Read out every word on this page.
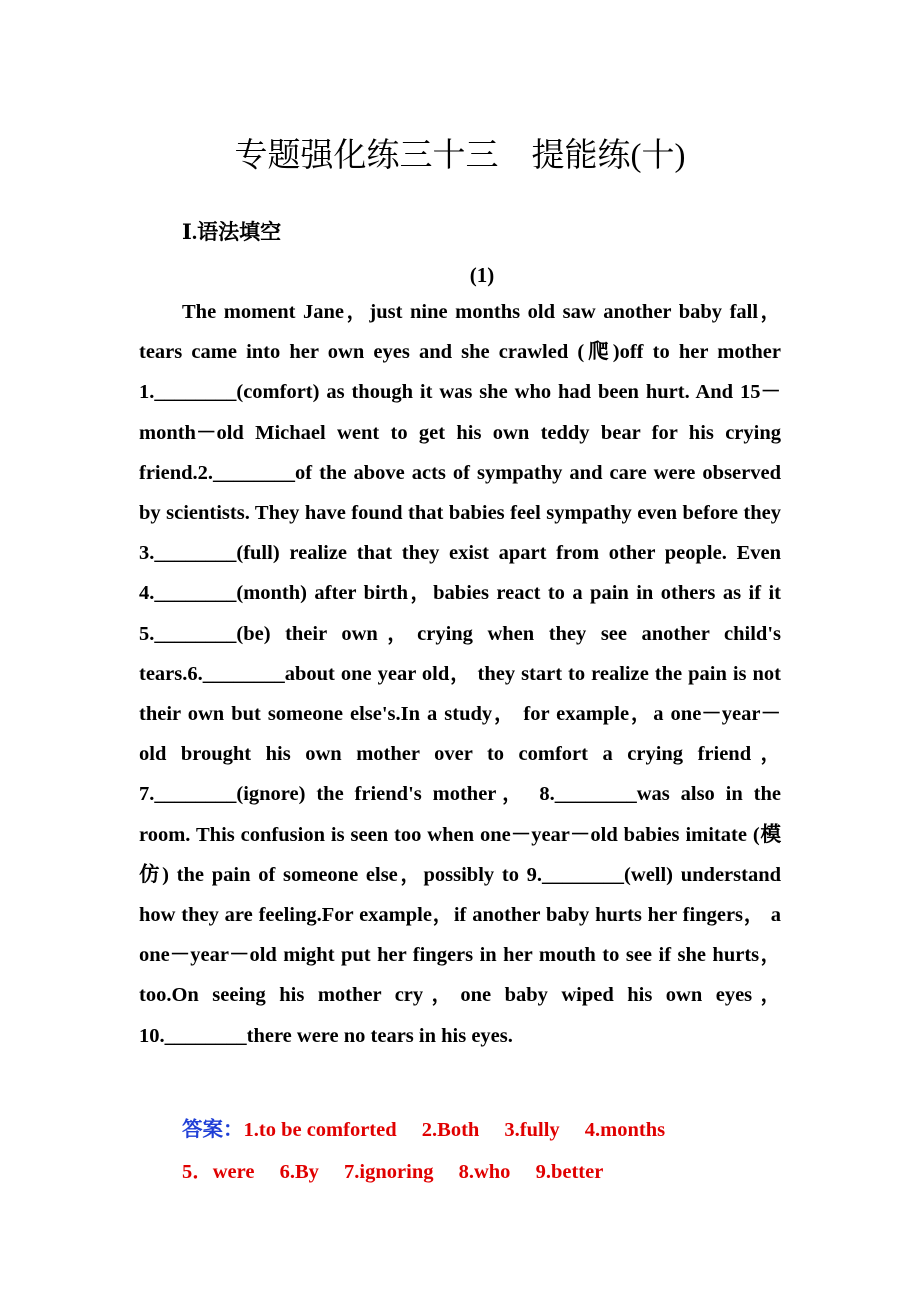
专题强化练三十三　提能练(十)
Ⅰ.语法填空
(1)

The moment Jane，just nine months old saw another baby fall，tears came into her own eyes and she crawled (爬)off to her mother 1.________(comfort) as though it was she who had been hurt. And 15－month－old Michael went to get his own teddy bear for his crying friend.2.________of the above acts of sympathy and care were observed by scientists. They have found that babies feel sympathy even before they 3.________(full) realize that they exist apart from other people. Even 4.________(month) after birth，babies react to a pain in others as if it 5.________(be) their own，crying when they see another child's tears.6.________about one year old， they start to realize the pain is not their own but someone else's.In a study， for example，a one－year－old brought his own mother over to comfort a crying friend， 7.________(ignore) the friend's mother， 8.________was also in the room. This confusion is seen too when one－year－old babies imitate (模仿) the pain of someone else，possibly to 9.________(well) understand how they are feeling.For example，if another baby hurts her fingers， a one－year－old might put her fingers in her mouth to see if she hurts，too.On seeing his mother cry，one baby wiped his own eyes，10.________there were no tears in his eyes.

答案：1.to be comforted 2.Both 3.fully 4.months
5．were 6.By 7.ignoring 8.who 9.better
